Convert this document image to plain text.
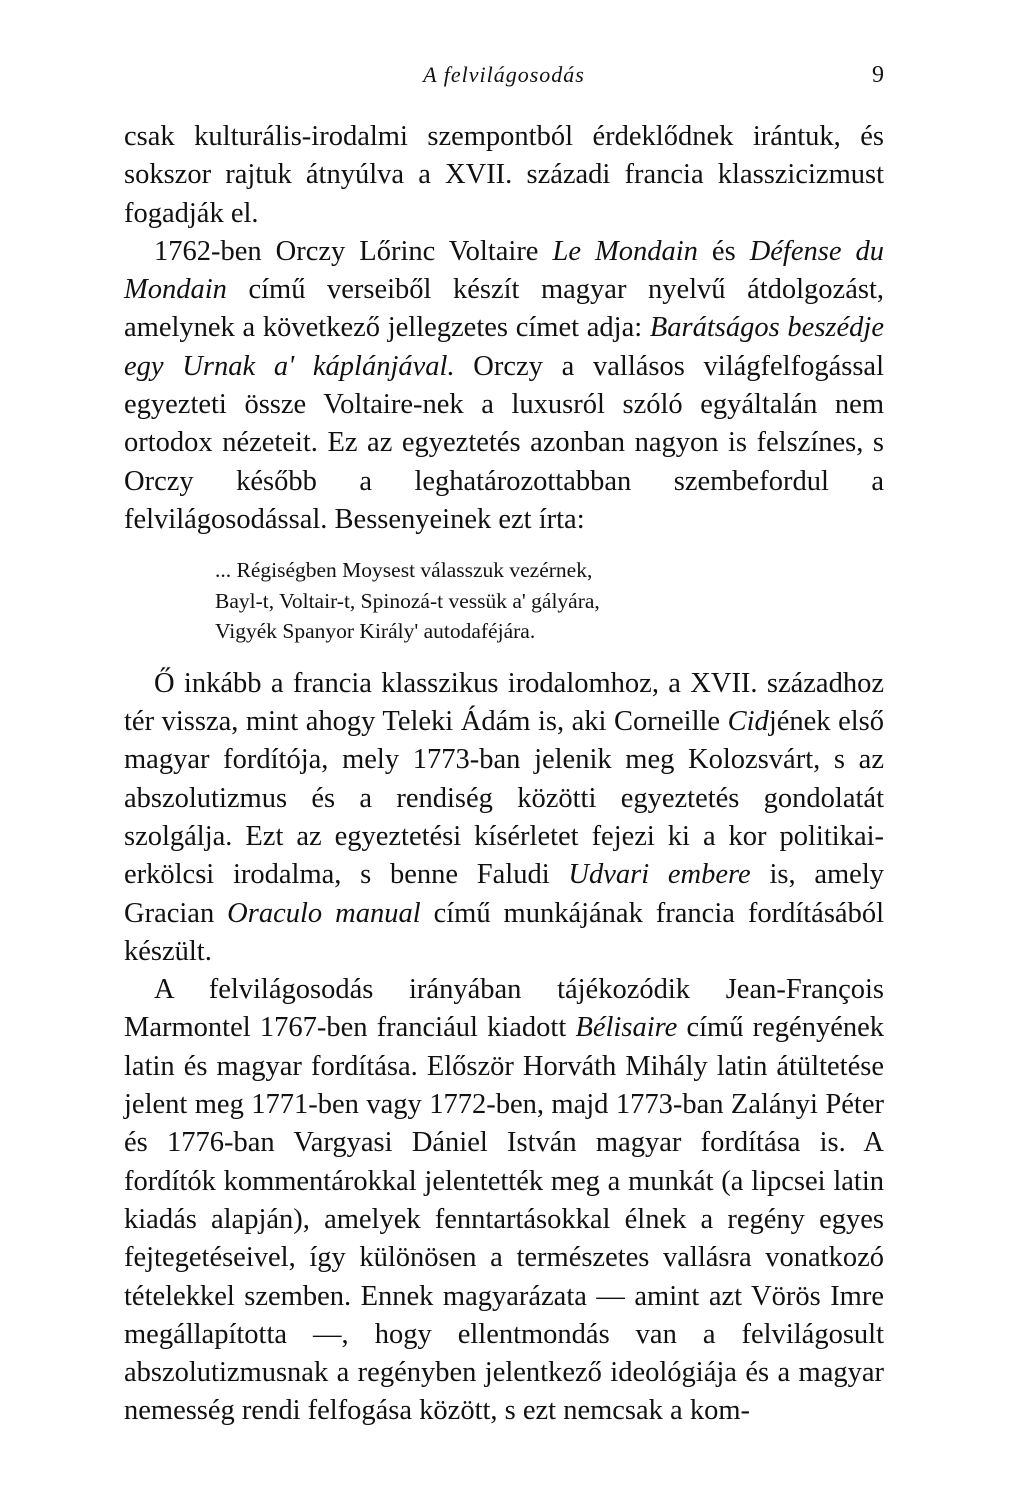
A felvilágosodás	9

csak kulturális-irodalmi szempontból érdeklődnek irántuk, és sokszor rajtuk átnyúlva a XVII. századi francia klasszicizmust fogadják el.

1762-ben Orczy Lőrinc Voltaire Le Mondain és Défense du Mondain című verseiből készít magyar nyelvű átdolgozást, amelynek a következő jellegzetes címet adja: Barátságos beszédje egy Urnak a' káplánjával. Orczy a vallásos világfelfogással egyezteti össze Voltaire-nek a luxusról szóló egyáltalán nem ortodox nézeteit. Ez az egyeztetés azonban nagyon is felszínes, s Orczy később a leghatározottabban szembefordul a felvilágosodással. Bessenyeinek ezt írta:

... Régiségben Moysest válasszuk vezérnek,
Bayl-t, Voltair-t, Spinozá-t vessük a' gályára,
Vigyék Spanyor Király' autodaféjára.

Ő inkább a francia klasszikus irodalomhoz, a XVII. századhoz tér vissza, mint ahogy Teleki Ádám is, aki Corneille Cidjének első magyar fordítója, mely 1773-ban jelenik meg Kolozsvárt, s az abszolutizmus és a rendiség közötti egyeztetés gondolatát szolgálja. Ezt az egyeztetési kísérletet fejezi ki a kor politikai-erkölcsi irodalma, s benne Faludi Udvari embere is, amely Gracian Oraculo manual című munkájának francia fordításából készült.

A felvilágosodás irányában tájékozódik Jean-François Marmontel 1767-ben franciául kiadott Bélisaire című regényének latin és magyar fordítása. Először Horváth Mihály latin átültetése jelent meg 1771-ben vagy 1772-ben, majd 1773-ban Zalányi Péter és 1776-ban Vargyasi Dániel István magyar fordítása is. A fordítók kommentárokkal jelentették meg a munkát (a lipcsei latin kiadás alapján), amelyek fenntartásokkal élnek a regény egyes fejtegetéseivel, így különösen a természetes vallásra vonatkozó tételekkel szemben. Ennek magyarázata — amint azt Vörös Imre megállapította —, hogy ellentmondás van a felvilágosult abszolutizmusnak a regényben jelentkező ideológiája és a magyar nemesség rendi felfogása között, s ezt nemcsak a kom-
